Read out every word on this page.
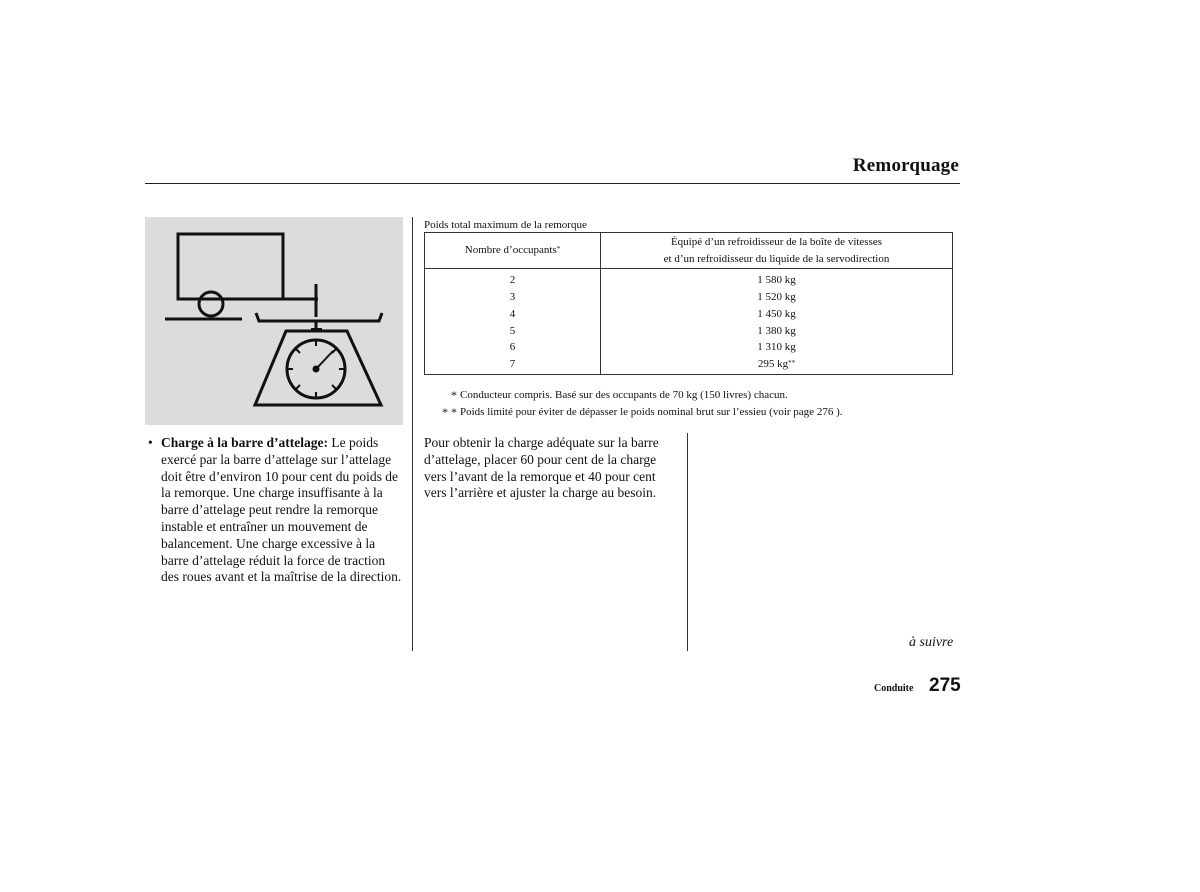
Remorquage
Poids total maximum de la remorque
Nombre d’occupants*	Équipé d’un refroidisseur de la boîte de vitesses
et d’un refroidisseur du liquide de la servodirection
2	1 580 kg
3	1 520 kg
4	1 450 kg
5	1 380 kg
6	1 310 kg
7	295 kg**
* Conducteur compris. Basé sur des occupants de 70 kg (150 livres) chacun.
* * Poids limité pour éviter de dépasser le poids nominal brut sur l’essieu (voir page 276 ).
• Charge à la barre d’attelage: Le poids exercé par la barre d’attelage sur l’attelage doit être d’environ 10 pour cent du poids de la remorque. Une charge insuffisante à la barre d’attelage peut rendre la remorque instable et entraîner un mouvement de balancement. Une charge excessive à la barre d’attelage réduit la force de traction des roues avant et la maîtrise de la direction.
Pour obtenir la charge adéquate sur la barre d’attelage, placer 60 pour cent de la charge vers l’avant de la remorque et 40 pour cent vers l’arrière et ajuster la charge au besoin.
à suivre
Conduite 275
